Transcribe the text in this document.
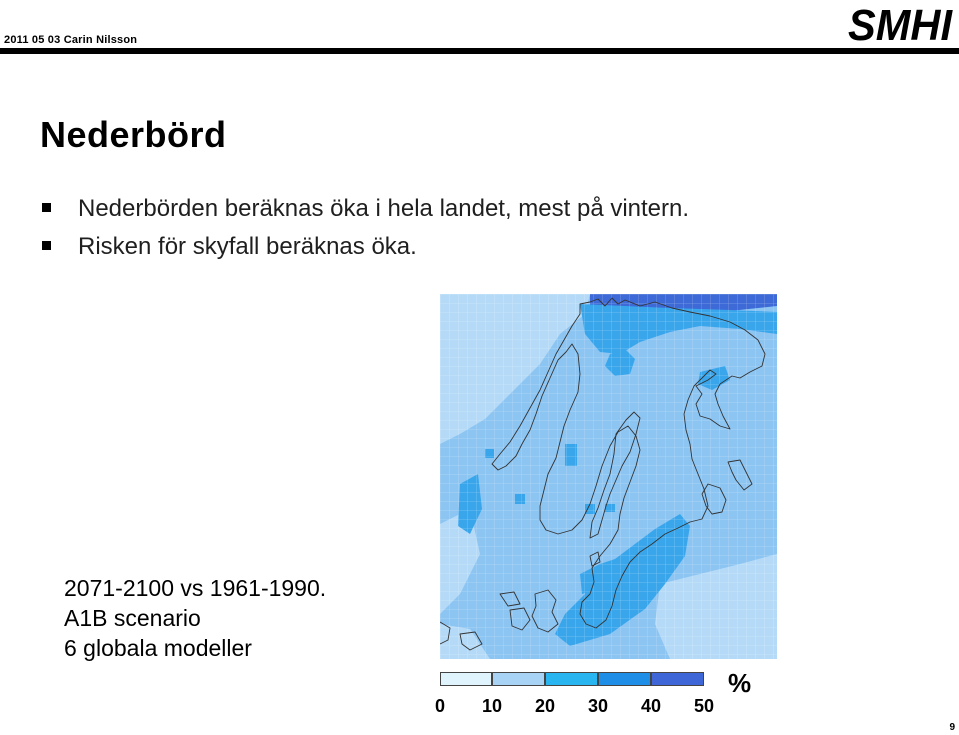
2011 05 03 Carin Nilsson	SMHI
Nederbörd
Nederbörden beräknas öka i hela landet, mest på vintern.
Risken för skyfall beräknas öka.
2071-2100 vs 1961-1990.
A1B scenario
6 globala modeller
0 10 20 30 40 50
%
9
